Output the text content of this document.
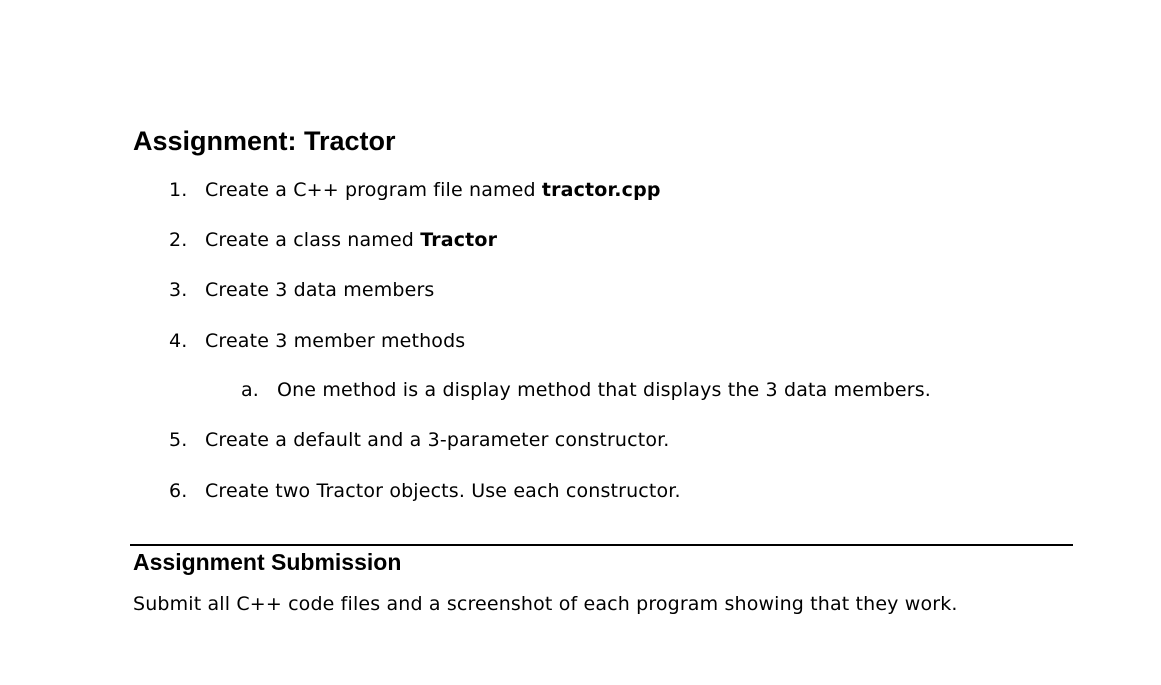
Assignment: Tractor
1. Create a C++ program file named tractor.cpp
2. Create a class named Tractor
3. Create 3 data members
4. Create 3 member methods
a. One method is a display method that displays the 3 data members.
5. Create a default and a 3-parameter constructor.
6. Create two Tractor objects. Use each constructor.
Assignment Submission

Submit all C++ code files and a screenshot of each program showing that they work.
